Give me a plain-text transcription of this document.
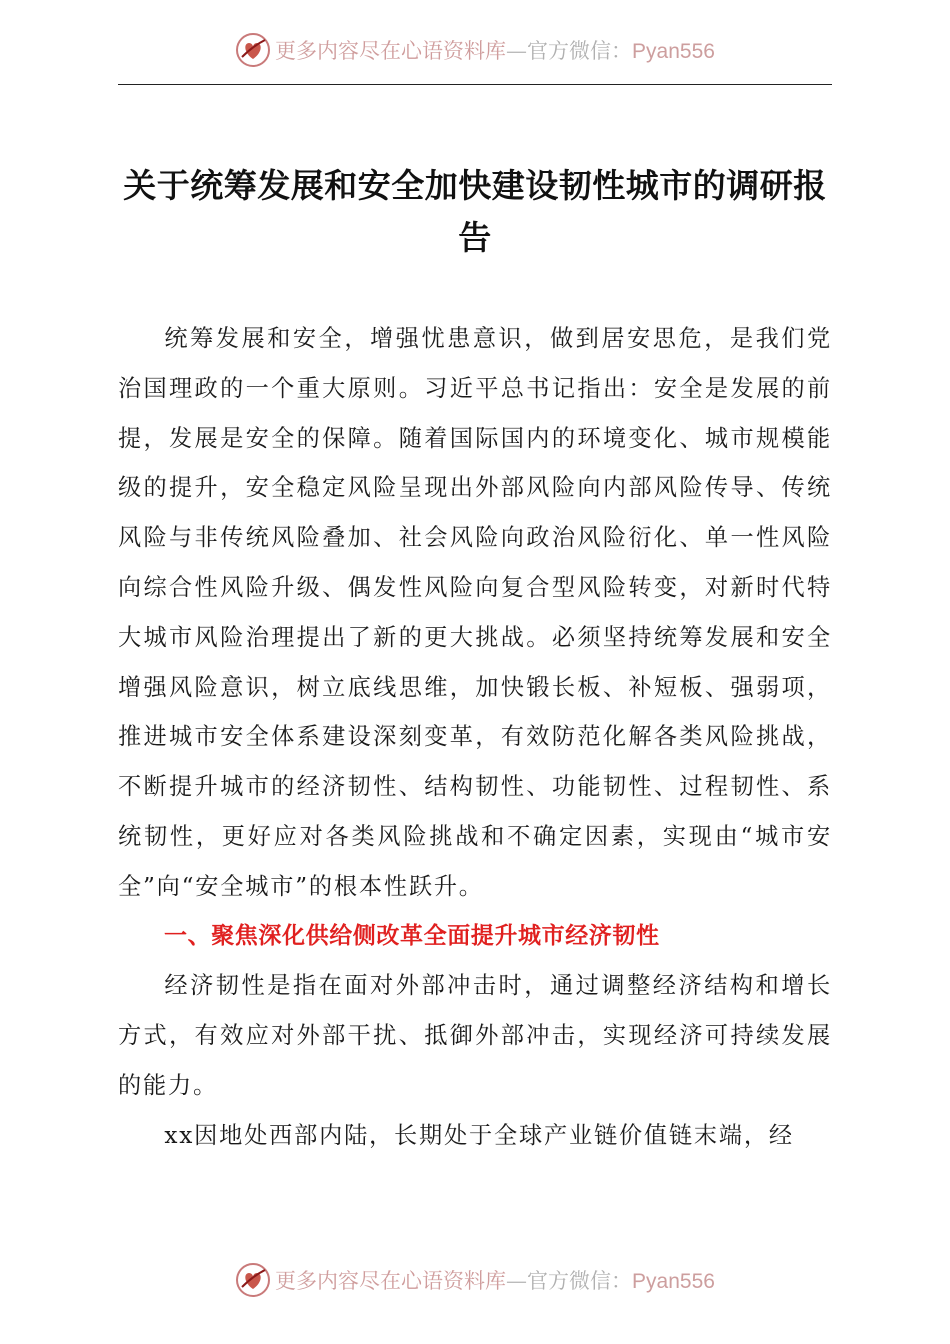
更多内容尽在心语资料库—官方微信：Pyan556
关于统筹发展和安全加快建设韧性城市的调研报告

统筹发展和安全，增强忧患意识，做到居安思危，是我们党治国理政的一个重大原则。习近平总书记指出：安全是发展的前提，发展是安全的保障。随着国际国内的环境变化、城市规模能级的提升，安全稳定风险呈现出外部风险向内部风险传导、传统风险与非传统风险叠加、社会风险向政治风险衍化、单一性风险向综合性风险升级、偶发性风险向复合型风险转变，对新时代特大城市风险治理提出了新的更大挑战。必须坚持统筹发展和安全增强风险意识，树立底线思维，加快锻长板、补短板、强弱项，推进城市安全体系建设深刻变革，有效防范化解各类风险挑战，不断提升城市的经济韧性、结构韧性、功能韧性、过程韧性、系统韧性，更好应对各类风险挑战和不确定因素，实现由“城市安全”向“安全城市”的根本性跃升。

一、聚焦深化供给侧改革全面提升城市经济韧性

经济韧性是指在面对外部冲击时，通过调整经济结构和增长方式，有效应对外部干扰、抵御外部冲击，实现经济可持续发展的能力。

xx因地处西部内陆，长期处于全球产业链价值链末端，经

更多内容尽在心语资料库—官方微信：Pyan556
